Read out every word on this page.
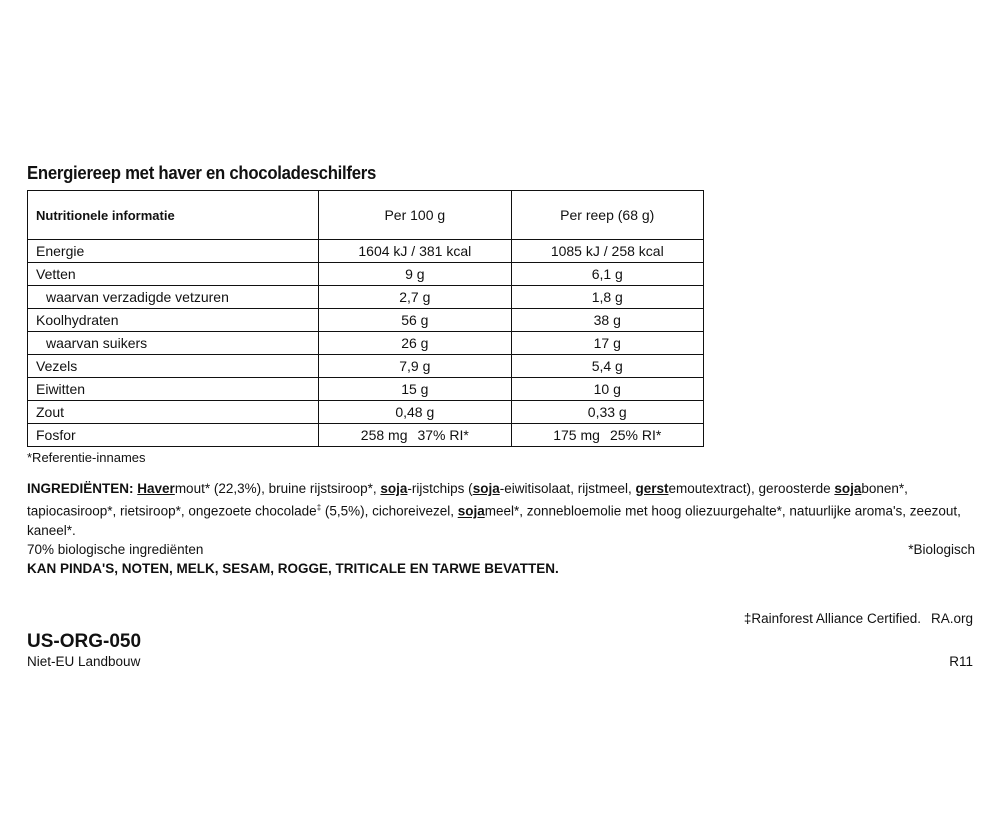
Energiereep met haver en chocoladeschilfers
Nutritionele informatie	Per 100 g	Per reep (68 g)
Energie	1604 kJ / 381 kcal	1085 kJ / 258 kcal
Vetten	9 g	6,1 g
waarvan verzadigde vetzuren	2,7 g	1,8 g
Koolhydraten	56 g	38 g
waarvan suikers	26 g	17 g
Vezels	7,9 g	5,4 g
Eiwitten	15 g	10 g
Zout	0,48 g	0,33 g
Fosfor	258 mg 37% RI*	175 mg 25% RI*
*Referentie-innames
INGREDIËNTEN: Havermout* (22,3%), bruine rijstsiroop*, soja-rijstchips (soja-eiwitisolaat, rijstmeel, gerstemoutextract), geroosterde sojabonen*, tapiocasiroop*, rietsiroop*, ongezoete chocolade‡ (5,5%), cichoreivezel, sojameel*, zonnebloemolie met hoog oliezuurgehalte*, natuurlijke aroma's, zeezout, kaneel*.
70% biologische ingrediënten	*Biologisch
KAN PINDA'S, NOTEN, MELK, SESAM, ROGGE, TRITICALE EN TARWE BEVATTEN.
‡Rainforest Alliance Certified. RA.org
US-ORG-050
Niet-EU Landbouw	R11
